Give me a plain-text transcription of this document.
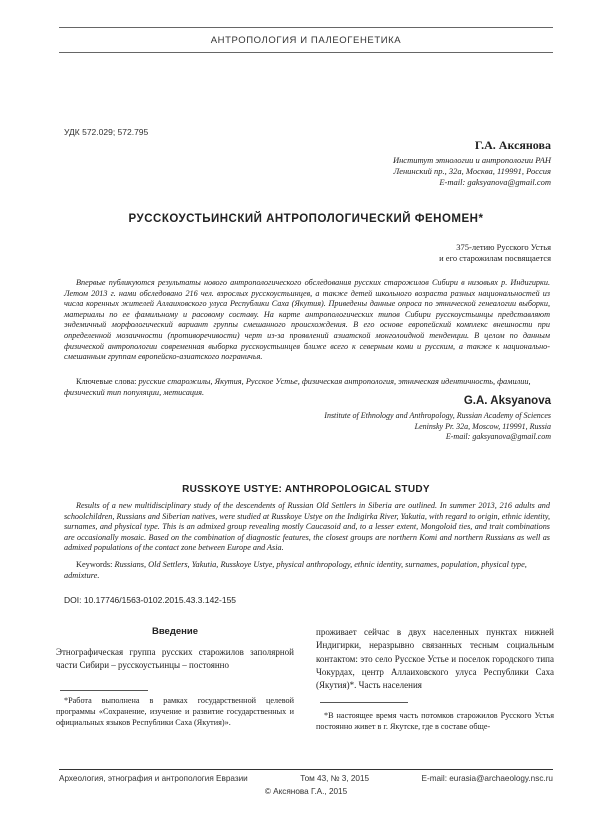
АНТРОПОЛОГИЯ И ПАЛЕОГЕНЕТИКА
УДК 572.029; 572.795
Г.А. Аксянова
Институт этнологии и антропологии РАН
Ленинский пр., 32а, Москва, 119991, Россия
E-mail: gaksyanova@gmail.com
РУССКОУСТЬИНСКИЙ АНТРОПОЛОГИЧЕСКИЙ ФЕНОМЕН*
375-летию Русского Устья
и его старожилам посвящается
Впервые публикуются результаты нового антропологического обследования русских старожилов Сибири в низовьях р. Индигирки. Летом 2013 г. нами обследовано 216 чел. взрослых русскоустьинцев, а также детей школьного возраста разных национальностей из числа коренных жителей Аллаиховского улуса Республики Саха (Якутия). Приведены данные опроса по этнической генеалогии выборки, материалы по ее фамильному и расовому составу. На карте антропологических типов Сибири русскоустьинцы представляют эндемичный морфологический вариант группы смешанного происхождения. В его основе европейский комплекс внешности при определенной мозаичности (противоречивости) черт из-за проявлений азиатской монголоидной тенденции. В целом по данным физической антропологии современная выборка русскоустьинцев ближе всего к северным коми и русским, а также к национально-смешанным группам европейско-азиатского пограничья.
Ключевые слова: русские старожилы, Якутия, Русское Устье, физическая антропология, этническая идентичность, фамилии, физический тип популяции, метисация.
G.A. Aksyanova
Institute of Ethnology and Anthropology, Russian Academy of Sciences
Leninsky Pr. 32a, Moscow, 119991, Russia
E-mail: gaksyanova@gmail.com
RUSSKOYE USTYE: ANTHROPOLOGICAL STUDY
Results of a new multidisciplinary study of the descendents of Russian Old Settlers in Siberia are outlined. In summer 2013, 216 adults and schoolchildren, Russians and Siberian natives, were studied at Russkoye Ustye on the Indigirka River, Yakutia, with regard to origin, ethnic identity, surnames, and physical type. This is an admixed group revealing mostly Caucasoid and, to a lesser extent, Mongoloid ties, and trait combinations are occasionally mosaic. Based on the combination of diagnostic features, the closest groups are northern Komi and northern Russians as well as admixed populations of the contact zone between Europe and Asia.
Keywords: Russians, Old Settlers, Yakutia, Russkoye Ustye, physical anthropology, ethnic identity, surnames, population, physical type, admixture.
DOI: 10.17746/1563-0102.2015.43.3.142-155
Введение
Этнографическая группа русских старожилов заполярной части Сибири – русскоустьинцы – постоянно
проживает сейчас в двух населенных пунктах нижней Индигирки, неразрывно связанных тесным социальным контактом: это село Русское Устье и поселок городского типа Чокурдах, центр Аллаиховского улуса Республики Саха (Якутия)*. Часть населения
*Работа выполнена в рамках государственной целевой программы «Сохранение, изучение и развитие государственных и официальных языков Республики Саха (Якутия)».
*В настоящее время часть потомков старожилов Русского Устья постоянно живет в г. Якутске, где в составе обще-
Археология, этнография и антропология Евразии	Том 43, № 3, 2015	E-mail: eurasia@archaeology.nsc.ru
© Аксянова Г.А., 2015
